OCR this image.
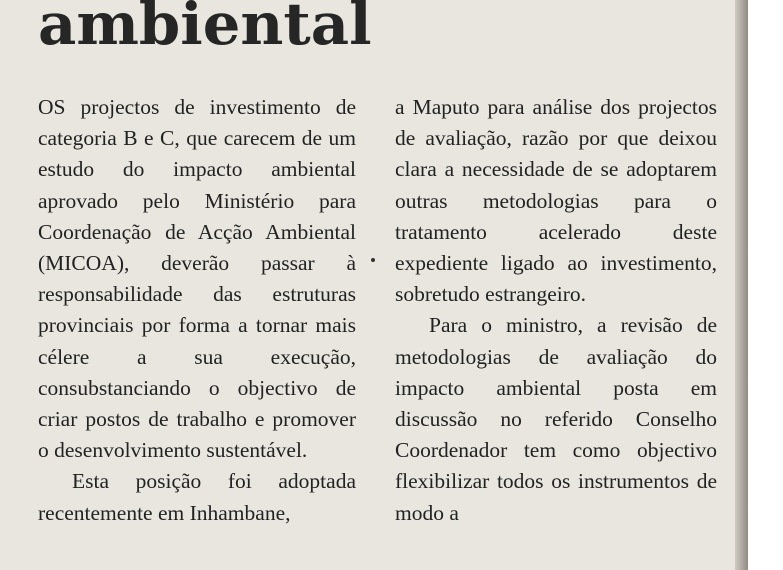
ambiental

OS projectos de investimento de categoria B e C, que carecem de um estudo do impacto ambiental aprovado pelo Ministério para Coordenação de Acção Ambiental (MICOA), deverão passar à responsabilidade das estruturas provinciais por forma a tornar mais célere a sua execução, consubstanciando o objectivo de criar postos de trabalho e promover o desenvolvimento sustentável.

Esta posição foi adoptada recentemente em Inhambane,

a Maputo para análise dos projectos de avaliação, razão por que deixou clara a necessidade de se adoptarem outras metodologias para o tratamento acelerado deste expediente ligado ao investimento, sobretudo estrangeiro.

Para o ministro, a revisão de metodologias de avaliação do impacto ambiental posta em discussão no referido Conselho Coordenador tem como objectivo flexibilizar todos os instrumentos de modo a
